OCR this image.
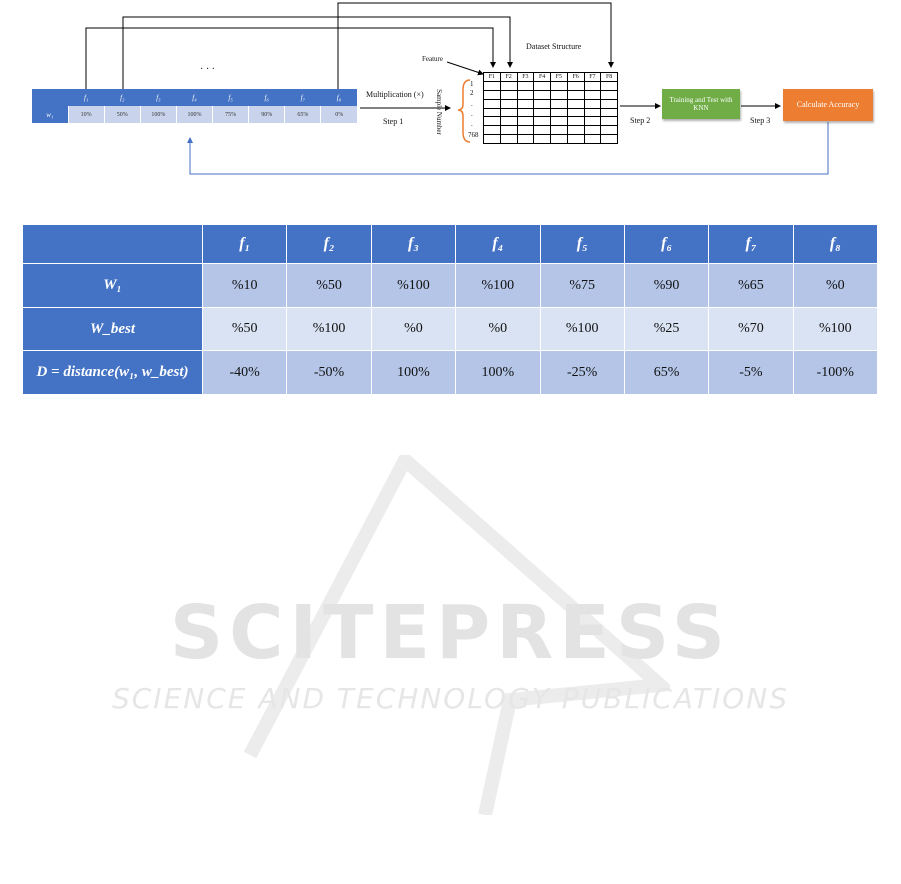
SCITEPRESS
SCIENCE AND TECHNOLOGY PUBLICATIONS
	f₁	f₂	f₃	f₄	f₅	f₆	f₇	f₈
w₁	10%	50%	100%	100%	75%	90%	65%	0%
· · ·
Multiplication (×)
Step 1
Feature
Dataset Structure
Sample Number
1
2
.
.
.
768
F1	F2	F3	F4	F5	F6	F7	F8

Step 2
Training and Test with KNN
Step 3
Calculate Accuracy
	f₁	f₂	f₃	f₄	f₅	f₆	f₇	f₈
W₁	%10	%50	%100	%100	%75	%90	%65	%0
W_best	%50	%100	%0	%0	%100	%25	%70	%100
D = distance(w₁, w_best)	-40%	-50%	100%	100%	-25%	65%	-5%	-100%
